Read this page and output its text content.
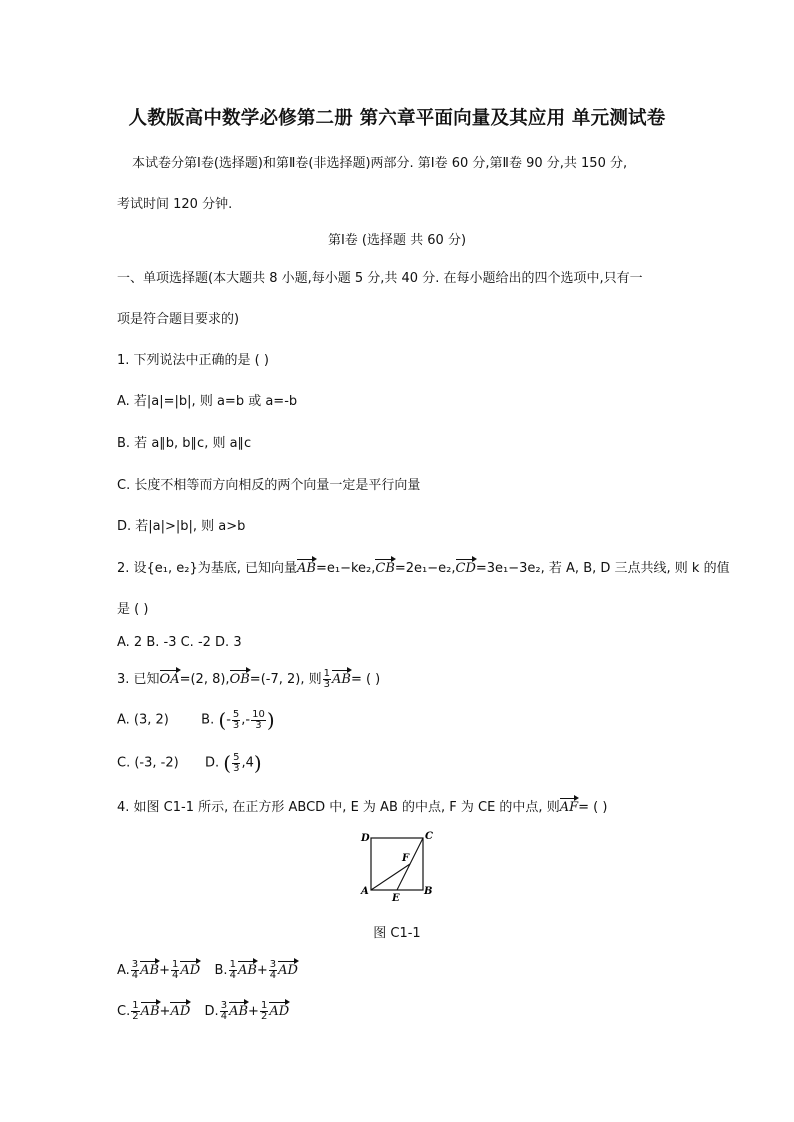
人教版高中数学必修第二册 第六章平面向量及其应用 单元测试卷
本试卷分第Ⅰ卷(选择题)和第Ⅱ卷(非选择题)两部分. 第Ⅰ卷 60 分,第Ⅱ卷 90 分,共 150 分,
考试时间 120 分钟.
第Ⅰ卷 (选择题 共 60 分)
一、单项选择题(本大题共 8 小题,每小题 5 分,共 40 分. 在每小题给出的四个选项中,只有一
项是符合题目要求的)
1. 下列说法中正确的是 ( )
A. 若|a|=|b|, 则 a=b 或 a=-b
B. 若 a∥b, b∥c, 则 a∥c
C. 长度不相等而方向相反的两个向量一定是平行向量
D. 若|a|>|b|, 则 a>b
2. 设{e₁, e₂}为基底, 已知向量AB=e₁−ke₂,CB=2e₁−e₂,CD=3e₁−3e₂, 若 A, B, D 三点共线, 则 k 的值
是 ( )
A. 2 B. -3 C. -2 D. 3
3. 已知OA=(2, 8),OB=(-7, 2), 则 $\frac{1}{3} AB=$ ( )
A. (3, 2) B. (- $\frac{5}{3}$ ,- $\frac{10}{3}$ )
C. (-3, -2) D. ( $\frac{5}{3} ,4$)
4. 如图 C1-1 所示, 在正方形 ABCD 中, E 为 AB 的中点, F 为 CE 的中点, 则AF= ( )
D	C
A	B
E
F
图 C1-1
A. $\frac{3}{4} AB+ \frac{1}{4}$ AD B. $\frac{1}{4} AB+ \frac{3}{4}$ AD
C. $\frac{1}{2} AB+AD$ D. $\frac{3}{4} AB+ \frac{1}{2}$ AD
